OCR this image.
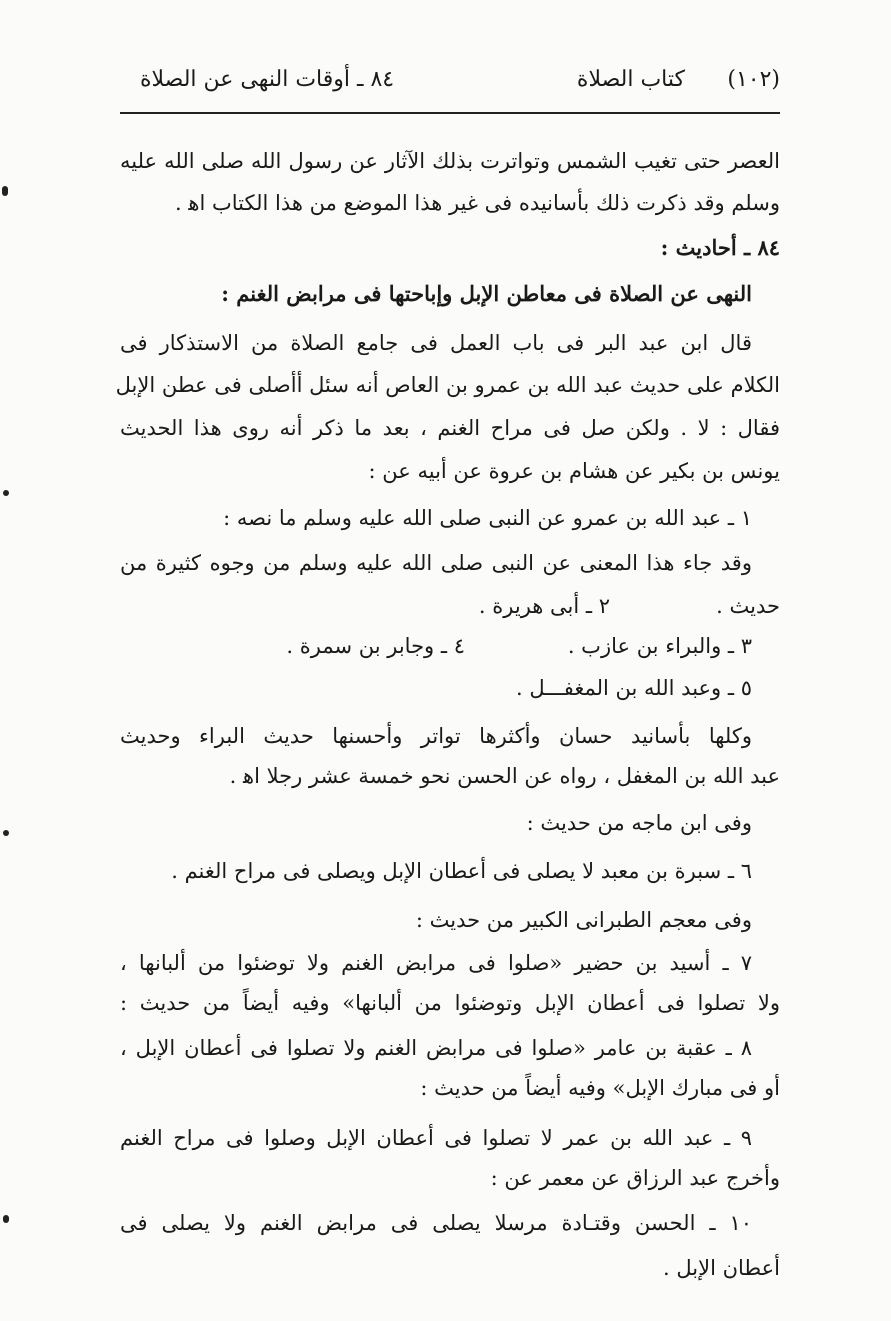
(١٠٢)
كتاب الصلاة
٨٤ ـ أوقات النهى عن الصلاة
العصر حتى تغيب الشمس وتواترت بذلك الآثار عن رسول الله صلى الله عليه
وسلم وقد ذكرت ذلك بأسانيده فى غير هذا الموضع من هذا الكتاب اﻫ .
٨٤ ـ أحاديث :
النهى عن الصلاة فى معاطن الإبل وإباحتها فى مرابض الغنم :
قال ابن عبد البر فى باب العمل فى جامع الصلاة من الاستذكار فى
الكلام على حديث عبد الله بن عمرو بن العاص أنه سئل أأصلى فى عطن الإبل
فقال : لا . ولكن صل فى مراح الغنم ، بعد ما ذكر أنه روى هذا الحديث
يونس بن بكير عن هشام بن عروة عن أبيه عن :
١ ـ عبد الله بن عمرو عن النبى صلى الله عليه وسلم ما نصه :
وقد جاء هذا المعنى عن النبى صلى الله عليه وسلم من وجوه كثيرة من
حديث .
٢ ـ أبى هريرة .
٣ ـ والبراء بن عازب .
٤ ـ وجابر بن سمرة .
٥ ـ وعبد الله بن المغفـــل .
وكلها بأسانيد حسان وأكثرها تواتر وأحسنها حديث البراء وحديث
عبد الله بن المغفل ، رواه عن الحسن نحو خمسة عشر رجلا اﻫ .
وفى ابن ماجه من حديث :
٦ ـ سبرة بن معبد لا يصلى فى أعطان الإبل ويصلى فى مراح الغنم .
وفى معجم الطبرانى الكبير من حديث :
٧ ـ أسيد بن حضير «صلوا فى مرابض الغنم ولا توضئوا من ألبانها ،
ولا تصلوا فى أعطان الإبل وتوضئوا من ألبانها» وفيه أيضاً من حديث :
٨ ـ عقبة بن عامر «صلوا فى مرابض الغنم ولا تصلوا فى أعطان الإبل ،
أو فى مبارك الإبل» وفيه أيضاً من حديث :
٩ ـ عبد الله بن عمر لا تصلوا فى أعطان الإبل وصلوا فى مراح الغنم
وأخرج عبد الرزاق عن معمر عن :
١٠ ـ الحسن وقتـادة مرسلا يصلى فى مرابض الغنم ولا يصلى فى
أعطان الإبل .
